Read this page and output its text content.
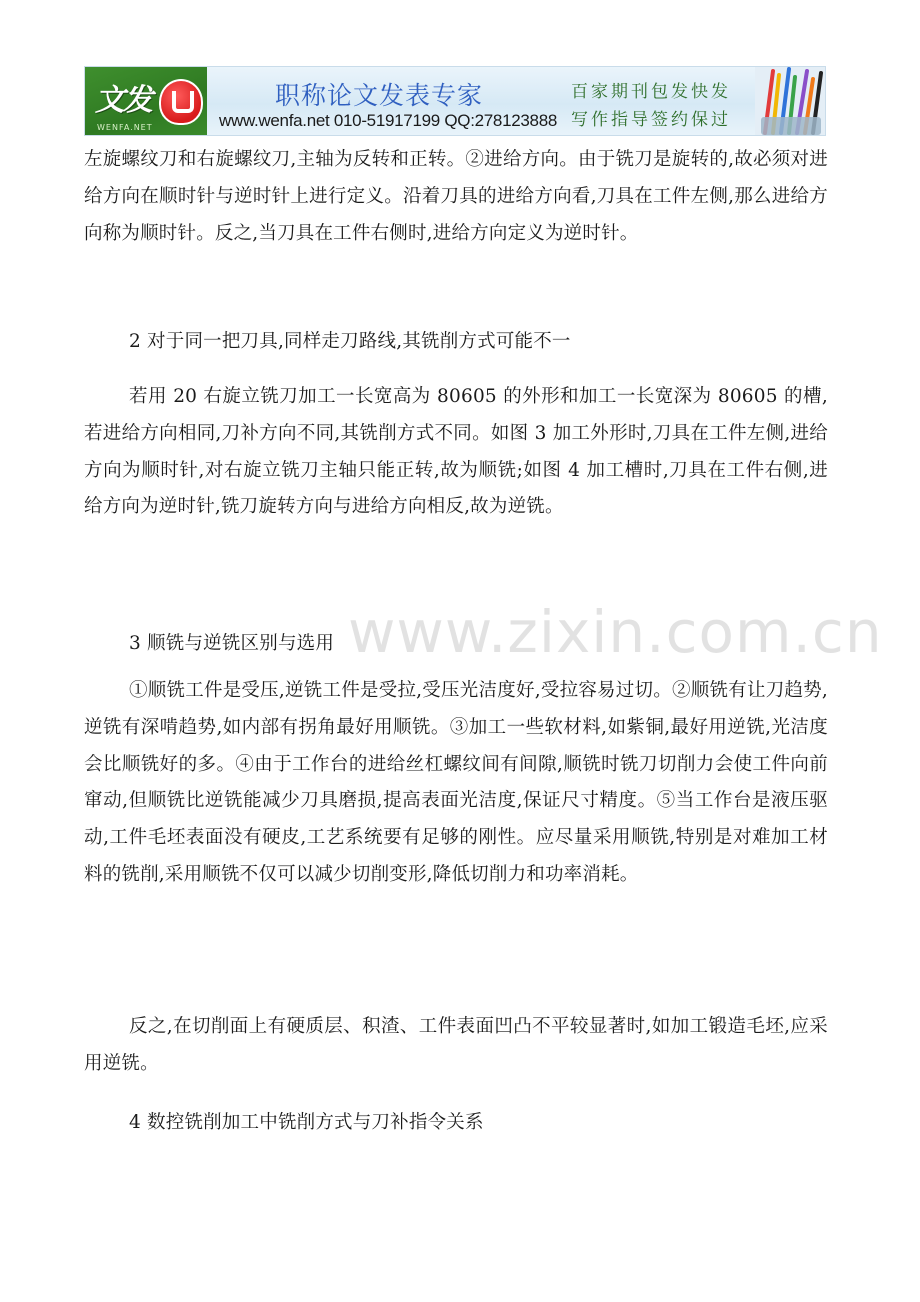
文发
WENFA.NET
职称论文发表专家
www.wenfa.net 010-51917199 QQ:278123888
百家期刊包发快发
写作指导签约保过
www.zixin.com.cn

左旋螺纹刀和右旋螺纹刀,主轴为反转和正转。②进给方向。由于铣刀是旋转的,故必须对进给方向在顺时针与逆时针上进行定义。沿着刀具的进给方向看,刀具在工件左侧,那么进给方向称为顺时针。反之,当刀具在工件右侧时,进给方向定义为逆时针。

2 对于同一把刀具,同样走刀路线,其铣削方式可能不一

若用 20 右旋立铣刀加工一长宽高为 80605 的外形和加工一长宽深为 80605 的槽,若进给方向相同,刀补方向不同,其铣削方式不同。如图 3 加工外形时,刀具在工件左侧,进给方向为顺时针,对右旋立铣刀主轴只能正转,故为顺铣;如图 4 加工槽时,刀具在工件右侧,进给方向为逆时针,铣刀旋转方向与进给方向相反,故为逆铣。

3 顺铣与逆铣区别与选用

①顺铣工件是受压,逆铣工件是受拉,受压光洁度好,受拉容易过切。②顺铣有让刀趋势,逆铣有深啃趋势,如内部有拐角最好用顺铣。③加工一些软材料,如紫铜,最好用逆铣,光洁度会比顺铣好的多。④由于工作台的进给丝杠螺纹间有间隙,顺铣时铣刀切削力会使工件向前窜动,但顺铣比逆铣能减少刀具磨损,提高表面光洁度,保证尺寸精度。⑤当工作台是液压驱动,工件毛坯表面没有硬皮,工艺系统要有足够的刚性。应尽量采用顺铣,特别是对难加工材料的铣削,采用顺铣不仅可以减少切削变形,降低切削力和功率消耗。

反之,在切削面上有硬质层、积渣、工件表面凹凸不平较显著时,如加工锻造毛坯,应采用逆铣。

4 数控铣削加工中铣削方式与刀补指令关系
